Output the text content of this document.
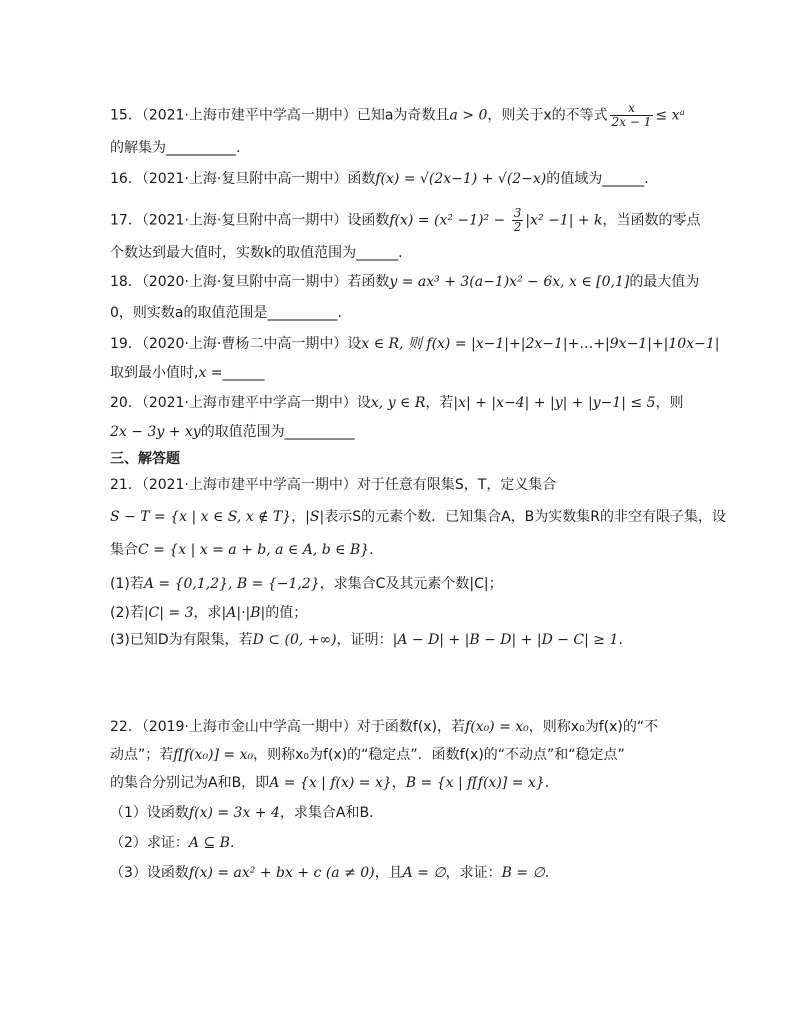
15．（2021·上海市建平中学高一期中）已知a为奇数且a > 0，则关于x的不等式 $\frac{x}{2x - 1}$ ≤ xᵃ
的解集为__________.
16．（2021·上海·复旦附中高一期中）函数f(x) = √(2x−1) + √(2−x)的值域为______.
17．（2021·上海·复旦附中高一期中）设函数$f(x) = (x^2 -1)^2 - \frac{3}{2} |x^2 -1| + k$，当函数的零点
个数达到最大值时，实数k的取值范围为______.
18．（2020·上海·复旦附中高一期中）若函数y = ax³ + 3(a−1)x² − 6x, x ∈ [0,1]的最大值为
0，则实数a的取值范围是__________.
19．（2020·上海·曹杨二中高一期中）设x ∈ R, 则 f(x) = |x−1|+|2x−1|+…+|9x−1|+|10x−1|
取到最小值时,x =______
20．（2021·上海市建平中学高一期中）设x, y ∈ R，若|x| + |x−4| + |y| + |y−1| ≤ 5，则
2x − 3y + xy的取值范围为__________
三、解答题
21．（2021·上海市建平中学高一期中）对于任意有限集S，T，定义集合
S − T = {x | x ∈ S, x ∉ T}，|S|表示S的元素个数．已知集合A，B为实数集R的非空有限子集，设
集合C = {x | x = a + b, a ∈ A, b ∈ B}.
(1)若A = {0,1,2}, B = {−1,2}，求集合C及其元素个数|C|；
(2)若|C| = 3，求|A|·|B|的值；
(3)已知D为有限集，若D ⊂ (0, +∞)，证明：|A − D| + |B − D| + |D − C| ≥ 1.
22．（2019·上海市金山中学高一期中）对于函数f(x)，若f(x₀) = x₀，则称x₀为f(x)的“不
动点”；若f[f(x₀)] = x₀，则称x₀为f(x)的“稳定点”．函数f(x)的“不动点”和“稳定点”
的集合分别记为A和B，即A = {x | f(x) = x}，B = {x | f[f(x)] = x}.
（1）设函数f(x) = 3x + 4，求集合A和B．
（2）求证：A ⊆ B.
（3）设函数f(x) = ax² + bx + c (a ≠ 0)，且A = ∅，求证：B = ∅.
